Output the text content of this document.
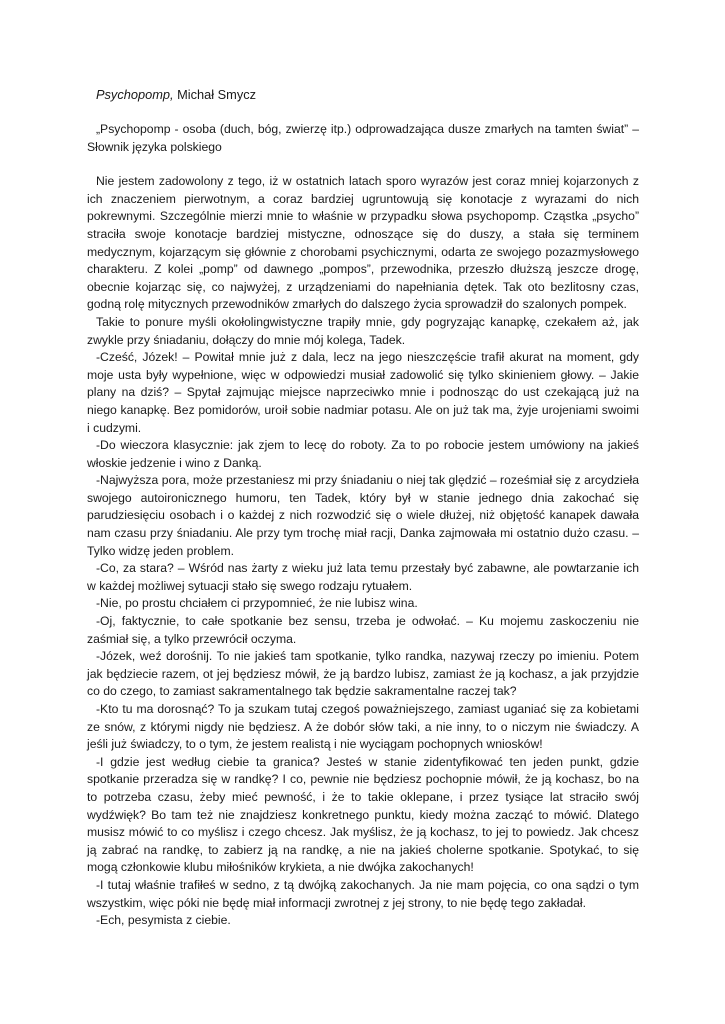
Psychopomp, Michał Smycz

„Psychopomp - osoba (duch, bóg, zwierzę itp.) odprowadzająca dusze zmarłych na tamten świat” – Słownik języka polskiego

Nie jestem zadowolony z tego, iż w ostatnich latach sporo wyrazów jest coraz mniej kojarzonych z ich znaczeniem pierwotnym, a coraz bardziej ugruntowują się konotacje z wyrazami do nich pokrewnymi. Szczególnie mierzi mnie to właśnie w przypadku słowa psychopomp. Cząstka „psycho” straciła swoje konotacje bardziej mistyczne, odnoszące się do duszy, a stała się terminem medycznym, kojarzącym się głównie z chorobami psychicznymi, odarta ze swojego pozazmysłowego charakteru. Z kolei „pomp” od dawnego „pompos”, przewodnika, przeszło dłuższą jeszcze drogę, obecnie kojarząc się, co najwyżej, z urządzeniami do napełniania dętek. Tak oto bezlitosny czas, godną rolę mitycznych przewodników zmarłych do dalszego życia sprowadził do szalonych pompek.

Takie to ponure myśli okołolingwistyczne trapiły mnie, gdy pogryzając kanapkę, czekałem aż, jak zwykle przy śniadaniu, dołączy do mnie mój kolega, Tadek.

-Cześć, Józek! – Powitał mnie już z dala, lecz na jego nieszczęście trafił akurat na moment, gdy moje usta były wypełnione, więc w odpowiedzi musiał zadowolić się tylko skinieniem głowy. – Jakie plany na dziś? – Spytał zajmując miejsce naprzeciwko mnie i podnosząc do ust czekającą już na niego kanapkę. Bez pomidorów, uroił sobie nadmiar potasu. Ale on już tak ma, żyje urojeniami swoimi i cudzymi.

-Do wieczora klasycznie: jak zjem to lecę do roboty. Za to po robocie jestem umówiony na jakieś włoskie jedzenie i wino z Danką.

-Najwyższa pora, może przestaniesz mi przy śniadaniu o niej tak ględzić – roześmiał się z arcydzieła swojego autoironicznego humoru, ten Tadek, który był w stanie jednego dnia zakochać się parudziesięciu osobach i o każdej z nich rozwodzić się o wiele dłużej, niż objętość kanapek dawała nam czasu przy śniadaniu. Ale przy tym trochę miał racji, Danka zajmowała mi ostatnio dużo czasu. – Tylko widzę jeden problem.

-Co, za stara? – Wśród nas żarty z wieku już lata temu przestały być zabawne, ale powtarzanie ich w każdej możliwej sytuacji stało się swego rodzaju rytuałem.

-Nie, po prostu chciałem ci przypomnieć, że nie lubisz wina.

-Oj, faktycznie, to całe spotkanie bez sensu, trzeba je odwołać. – Ku mojemu zaskoczeniu nie zaśmiał się, a tylko przewrócił oczyma.

-Józek, weź dorośnij. To nie jakieś tam spotkanie, tylko randka, nazywaj rzeczy po imieniu. Potem jak będziecie razem, ot jej będziesz mówił, że ją bardzo lubisz, zamiast że ją kochasz, a jak przyjdzie co do czego, to zamiast sakramentalnego tak będzie sakramentalne raczej tak?

-Kto tu ma dorosnąć? To ja szukam tutaj czegoś poważniejszego, zamiast uganiać się za kobietami ze snów, z którymi nigdy nie będziesz. A że dobór słów taki, a nie inny, to o niczym nie świadczy. A jeśli już świadczy, to o tym, że jestem realistą i nie wyciągam pochopnych wniosków!

-I gdzie jest według ciebie ta granica? Jesteś w stanie zidentyfikować ten jeden punkt, gdzie spotkanie przeradza się w randkę? I co, pewnie nie będziesz pochopnie mówił, że ją kochasz, bo na to potrzeba czasu, żeby mieć pewność, i że to takie oklepane, i przez tysiące lat straciło swój wydźwięk? Bo tam też nie znajdziesz konkretnego punktu, kiedy można zacząć to mówić. Dlatego musisz mówić to co myślisz i czego chcesz. Jak myślisz, że ją kochasz, to jej to powiedz. Jak chcesz ją zabrać na randkę, to zabierz ją na randkę, a nie na jakieś cholerne spotkanie. Spotykać, to się mogą członkowie klubu miłośników krykieta, a nie dwójka zakochanych!

-I tutaj właśnie trafiłeś w sedno, z tą dwójką zakochanych. Ja nie mam pojęcia, co ona sądzi o tym wszystkim, więc póki nie będę miał informacji zwrotnej z jej strony, to nie będę tego zakładał.

-Ech, pesymista z ciebie.
